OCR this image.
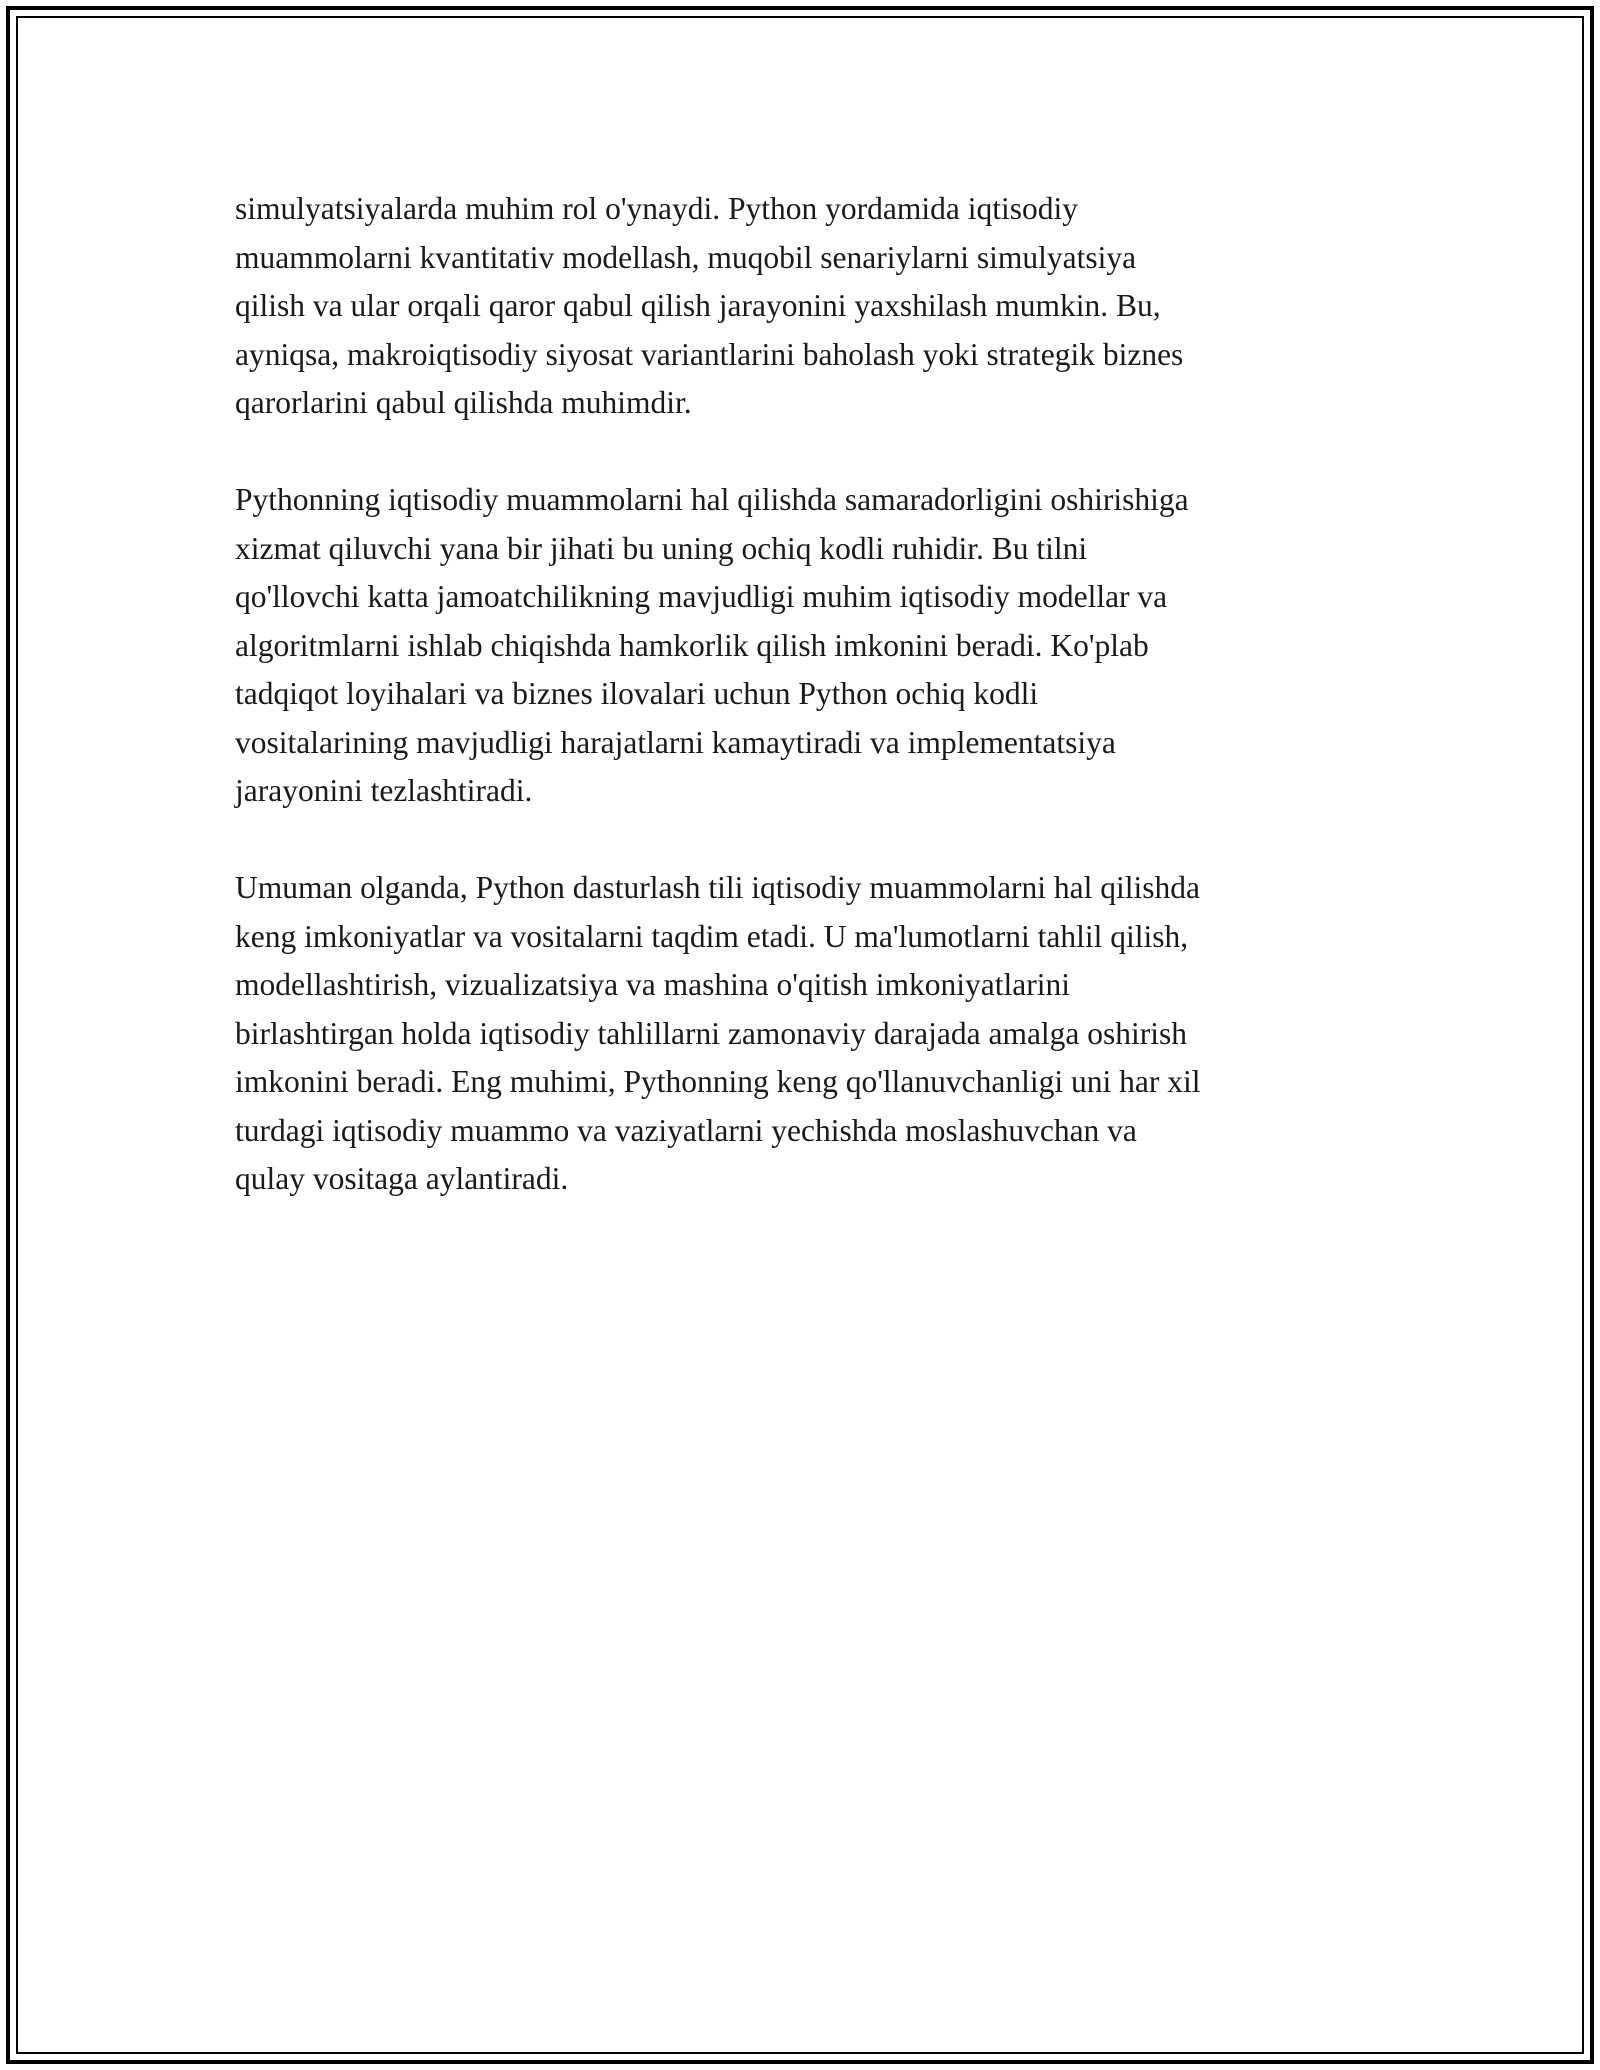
simulyatsiyalarda muhim rol o'ynaydi. Python yordamida iqtisodiy
muammolarni kvantitativ modellash, muqobil senariylarni simulyatsiya
qilish va ular orqali qaror qabul qilish jarayonini yaxshilash mumkin. Bu,
ayniqsa, makroiqtisodiy siyosat variantlarini baholash yoki strategik biznes
qarorlarini qabul qilishda muhimdir.

Pythonning iqtisodiy muammolarni hal qilishda samaradorligini oshirishiga
xizmat qiluvchi yana bir jihati bu uning ochiq kodli ruhidir. Bu tilni
qo'llovchi katta jamoatchilikning mavjudligi muhim iqtisodiy modellar va
algoritmlarni ishlab chiqishda hamkorlik qilish imkonini beradi. Ko'plab
tadqiqot loyihalari va biznes ilovalari uchun Python ochiq kodli
vositalarining mavjudligi harajatlarni kamaytiradi va implementatsiya
jarayonini tezlashtiradi.

Umuman olganda, Python dasturlash tili iqtisodiy muammolarni hal qilishda
keng imkoniyatlar va vositalarni taqdim etadi. U ma'lumotlarni tahlil qilish,
modellashtirish, vizualizatsiya va mashina o'qitish imkoniyatlarini
birlashtirgan holda iqtisodiy tahlillarni zamonaviy darajada amalga oshirish
imkonini beradi. Eng muhimi, Pythonning keng qo'llanuvchanligi uni har xil
turdagi iqtisodiy muammo va vaziyatlarni yechishda moslashuvchan va
qulay vositaga aylantiradi.
